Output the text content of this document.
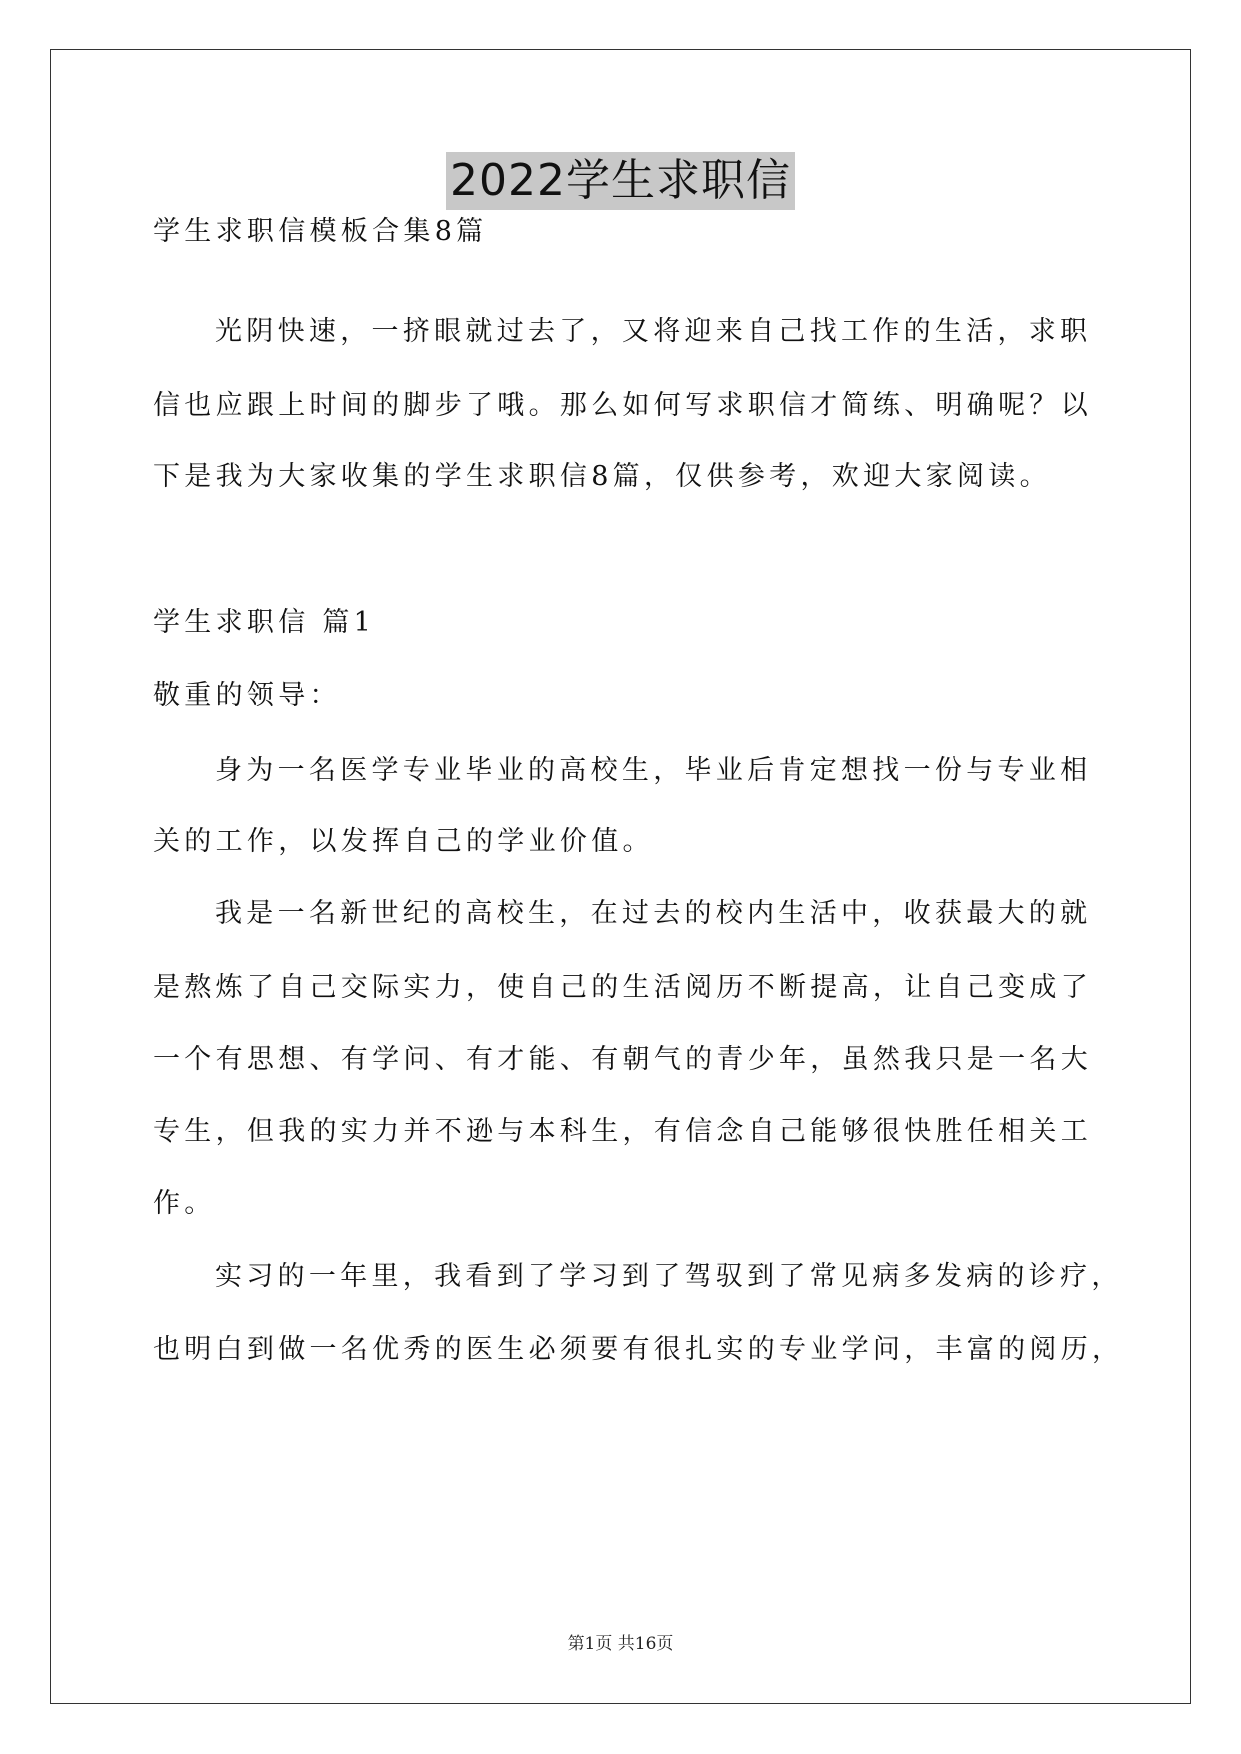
2022学生求职信
学生求职信模板合集8篇
光阴快速，一挤眼就过去了，又将迎来自己找工作的生活，求职
信也应跟上时间的脚步了哦。那么如何写求职信才简练、明确呢？以
下是我为大家收集的学生求职信8篇，仅供参考，欢迎大家阅读。
学生求职信 篇1
敬重的领导：
身为一名医学专业毕业的高校生，毕业后肯定想找一份与专业相
关的工作，以发挥自己的学业价值。
我是一名新世纪的高校生，在过去的校内生活中，收获最大的就
是熬炼了自己交际实力，使自己的生活阅历不断提高，让自己变成了
一个有思想、有学问、有才能、有朝气的青少年，虽然我只是一名大
专生，但我的实力并不逊与本科生，有信念自己能够很快胜任相关工
作。
实习的一年里，我看到了学习到了驾驭到了常见病多发病的诊疗，
也明白到做一名优秀的医生必须要有很扎实的专业学问，丰富的阅历，
第1页 共16页
